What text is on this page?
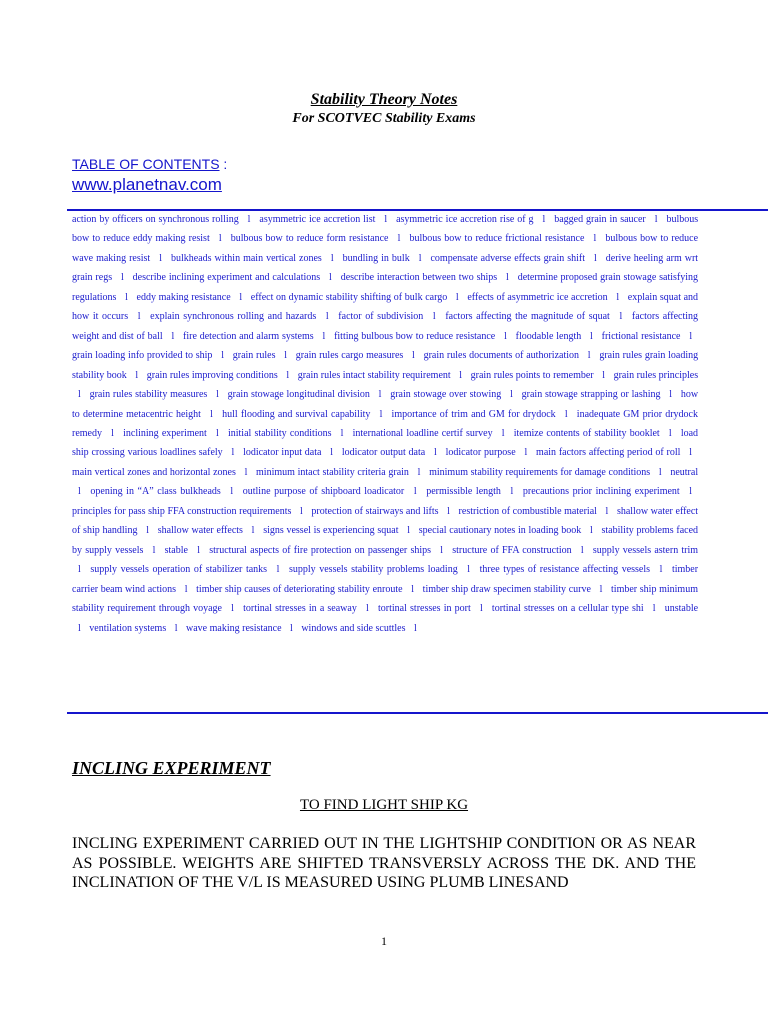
Stability Theory Notes
For SCOTVEC Stability Exams
TABLE OF CONTENTS :
www.planetnav.com
action by officers on synchronous rolling l asymmetric ice accretion list l asymmetric ice accretion rise of g l bagged grain in saucer l bulbous bow to reduce eddy making resist l bulbous bow to reduce form resistance l bulbous bow to reduce frictional resistance l bulbous bow to reduce wave making resist l bulkheads within main vertical zones l bundling in bulk l compensate adverse effects grain shift l derive heeling arm wrt grain regs l describe inclining experiment and calculations l describe interaction between two ships l determine proposed grain stowage satisfying regulations l eddy making resistance l effect on dynamic stability shifting of bulk cargo l effects of asymmetric ice accretion l explain squat and how it occurs l explain synchronous rolling and hazards l factor of subdivision l factors affecting the magnitude of squat l factors affecting weight and dist of ball l fire detection and alarm systems l fitting bulbous bow to reduce resistance l floodable length l frictional resistance l grain loading info provided to ship l grain rules l grain rules cargo measures l grain rules documents of authorization l grain rules grain loading stability book l grain rules improving conditions l grain rules intact stability requirement l grain rules points to remember l grain rules principles l grain rules stability measures l grain stowage longitudinal division l grain stowage over stowing l grain stowage strapping or lashing l how to determine metacentric height l hull flooding and survival capability l importance of trim and GM for drydock l inadequate GM prior drydock remedy l inclining experiment l initial stability conditions l international loadline certif survey l itemize contents of stability booklet l load ship crossing various loadlines safely l lodicator input data l lodicator output data l lodicator purpose l main factors affecting period of roll l main vertical zones and horizontal zones l minimum intact stability criteria grain l minimum stability requirements for damage conditions l neutral l opening in “A” class bulkheads l outline purpose of shipboard loadicator l permissible length l precautions prior inclining experiment l principles for pass ship FFA construction requirements l protection of stairways and lifts l restriction of combustible material l shallow water effect of ship handling l shallow water effects l signs vessel is experiencing squat l special cautionary notes in loading book l stability problems faced by supply vessels l stable l structural aspects of fire protection on passenger ships l structure of FFA construction l supply vessels astern trim l supply vessels operation of stabilizer tanks l supply vessels stability problems loading l three types of resistance affecting vessels l timber carrier beam wind actions l timber ship causes of deteriorating stability enroute l timber ship draw specimen stability curve l timber ship minimum stability requirement through voyage l tortinal stresses in a seaway l tortinal stresses in port l tortinal stresses on a cellular type shi l unstable l ventilation systems l wave making resistance l windows and side scuttles l
INCLING EXPERIMENT
TO FIND LIGHT SHIP KG
INCLING EXPERIMENT CARRIED OUT IN THE LIGHTSHIP CONDITION OR AS NEAR AS POSSIBLE. WEIGHTS ARE SHIFTED TRANSVERSLY ACROSS THE DK. AND THE INCLINATION OF THE V/L IS MEASURED USING PLUMB LINESAND
1
